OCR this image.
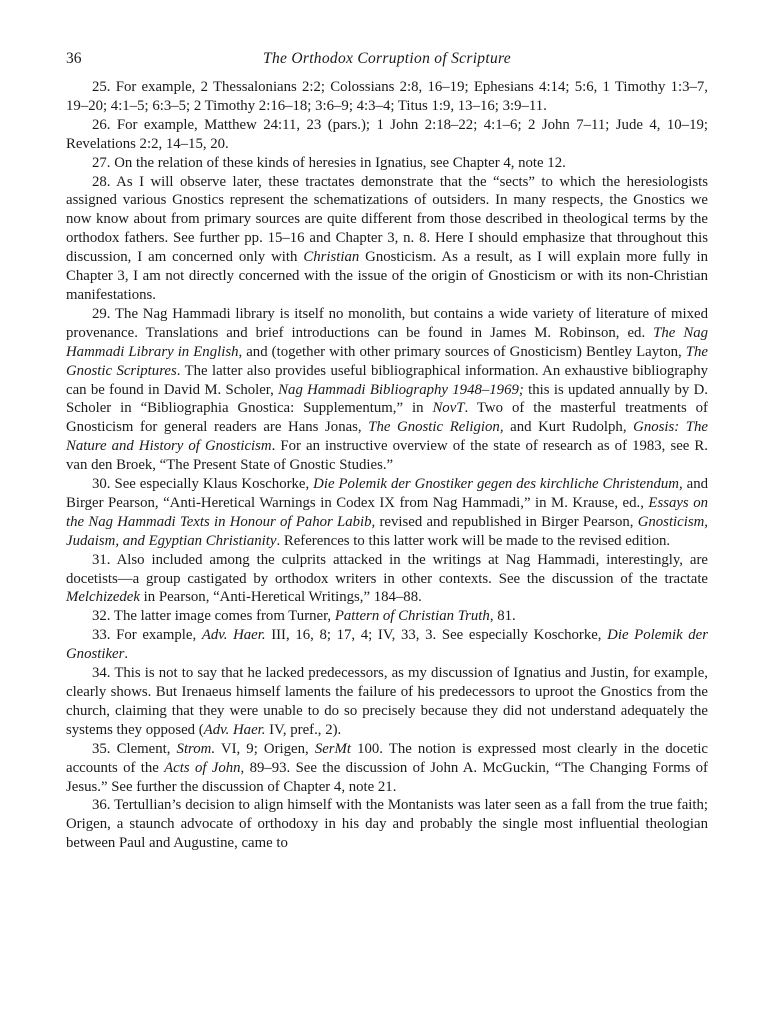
36	The Orthodox Corruption of Scripture

25. For example, 2 Thessalonians 2:2; Colossians 2:8, 16–19; Ephesians 4:14; 5:6, 1 Timothy 1:3–7, 19–20; 4:1–5; 6:3–5; 2 Timothy 2:16–18; 3:6–9; 4:3–4; Titus 1:9, 13–16; 3:9–11.

26. For example, Matthew 24:11, 23 (pars.); 1 John 2:18–22; 4:1–6; 2 John 7–11; Jude 4, 10–19; Revelations 2:2, 14–15, 20.

27. On the relation of these kinds of heresies in Ignatius, see Chapter 4, note 12.

28. As I will observe later, these tractates demonstrate that the “sects” to which the heresiologists assigned various Gnostics represent the schematizations of outsiders. In many respects, the Gnostics we now know about from primary sources are quite different from those described in theological terms by the orthodox fathers. See further pp. 15–16 and Chapter 3, n. 8. Here I should emphasize that throughout this discussion, I am concerned only with Christian Gnosticism. As a result, as I will explain more fully in Chapter 3, I am not directly concerned with the issue of the origin of Gnosticism or with its non-Christian manifestations.

29. The Nag Hammadi library is itself no monolith, but contains a wide variety of literature of mixed provenance. Translations and brief introductions can be found in James M. Robinson, ed. The Nag Hammadi Library in English, and (together with other primary sources of Gnosticism) Bentley Layton, The Gnostic Scriptures. The latter also provides useful bibliographical information. An exhaustive bibliography can be found in David M. Scholer, Nag Hammadi Bibliography 1948–1969; this is updated annually by D. Scholer in “Bibliographia Gnostica: Supplementum,” in NovT. Two of the masterful treatments of Gnosticism for general readers are Hans Jonas, The Gnostic Religion, and Kurt Rudolph, Gnosis: The Nature and History of Gnosticism. For an instructive overview of the state of research as of 1983, see R. van den Broek, “The Present State of Gnostic Studies.”

30. See especially Klaus Koschorke, Die Polemik der Gnostiker gegen des kirchliche Christendum, and Birger Pearson, “Anti-Heretical Warnings in Codex IX from Nag Hammadi,” in M. Krause, ed., Essays on the Nag Hammadi Texts in Honour of Pahor Labib, revised and republished in Birger Pearson, Gnosticism, Judaism, and Egyptian Christianity. References to this latter work will be made to the revised edition.

31. Also included among the culprits attacked in the writings at Nag Hammadi, interestingly, are docetists—a group castigated by orthodox writers in other contexts. See the discussion of the tractate Melchizedek in Pearson, “Anti-Heretical Writings,” 184–88.

32. The latter image comes from Turner, Pattern of Christian Truth, 81.

33. For example, Adv. Haer. III, 16, 8; 17, 4; IV, 33, 3. See especially Koschorke, Die Polemik der Gnostiker.

34. This is not to say that he lacked predecessors, as my discussion of Ignatius and Justin, for example, clearly shows. But Irenaeus himself laments the failure of his predecessors to uproot the Gnostics from the church, claiming that they were unable to do so precisely because they did not understand adequately the systems they opposed (Adv. Haer. IV, pref., 2).

35. Clement, Strom. VI, 9; Origen, SerMt 100. The notion is expressed most clearly in the docetic accounts of the Acts of John, 89–93. See the discussion of John A. McGuckin, “The Changing Forms of Jesus.” See further the discussion of Chapter 4, note 21.

36. Tertullian’s decision to align himself with the Montanists was later seen as a fall from the true faith; Origen, a staunch advocate of orthodoxy in his day and probably the single most influential theologian between Paul and Augustine, came to
